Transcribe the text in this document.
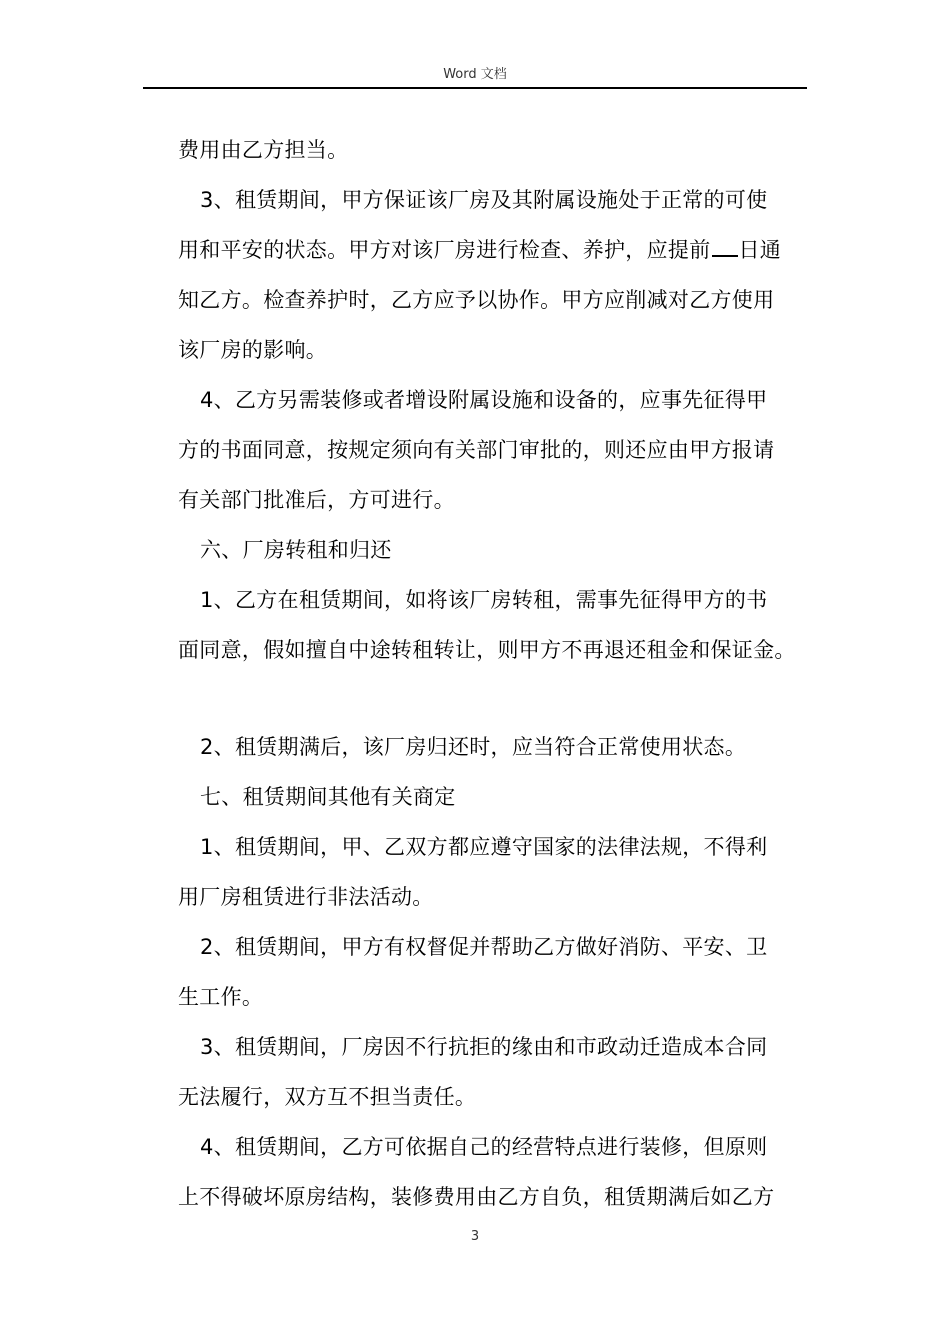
Word 文档
费用由乙方担当。
3、租赁期间，甲方保证该厂房及其附属设施处于正常的可使
用和平安的状态。甲方对该厂房进行检查、养护，应提前 日通
知乙方。检查养护时，乙方应予以协作。甲方应削减对乙方使用
该厂房的影响。
4、乙方另需装修或者增设附属设施和设备的，应事先征得甲
方的书面同意，按规定须向有关部门审批的，则还应由甲方报请
有关部门批准后，方可进行。
六、厂房转租和归还
1、乙方在租赁期间，如将该厂房转租，需事先征得甲方的书
面同意，假如擅自中途转租转让，则甲方不再退还租金和保证金。
2、租赁期满后，该厂房归还时，应当符合正常使用状态。
七、租赁期间其他有关商定
1、租赁期间，甲、乙双方都应遵守国家的法律法规，不得利
用厂房租赁进行非法活动。
2、租赁期间，甲方有权督促并帮助乙方做好消防、平安、卫
生工作。
3、租赁期间，厂房因不行抗拒的缘由和市政动迁造成本合同
无法履行，双方互不担当责任。
4、租赁期间，乙方可依据自己的经营特点进行装修，但原则
上不得破坏原房结构，装修费用由乙方自负，租赁期满后如乙方
3
